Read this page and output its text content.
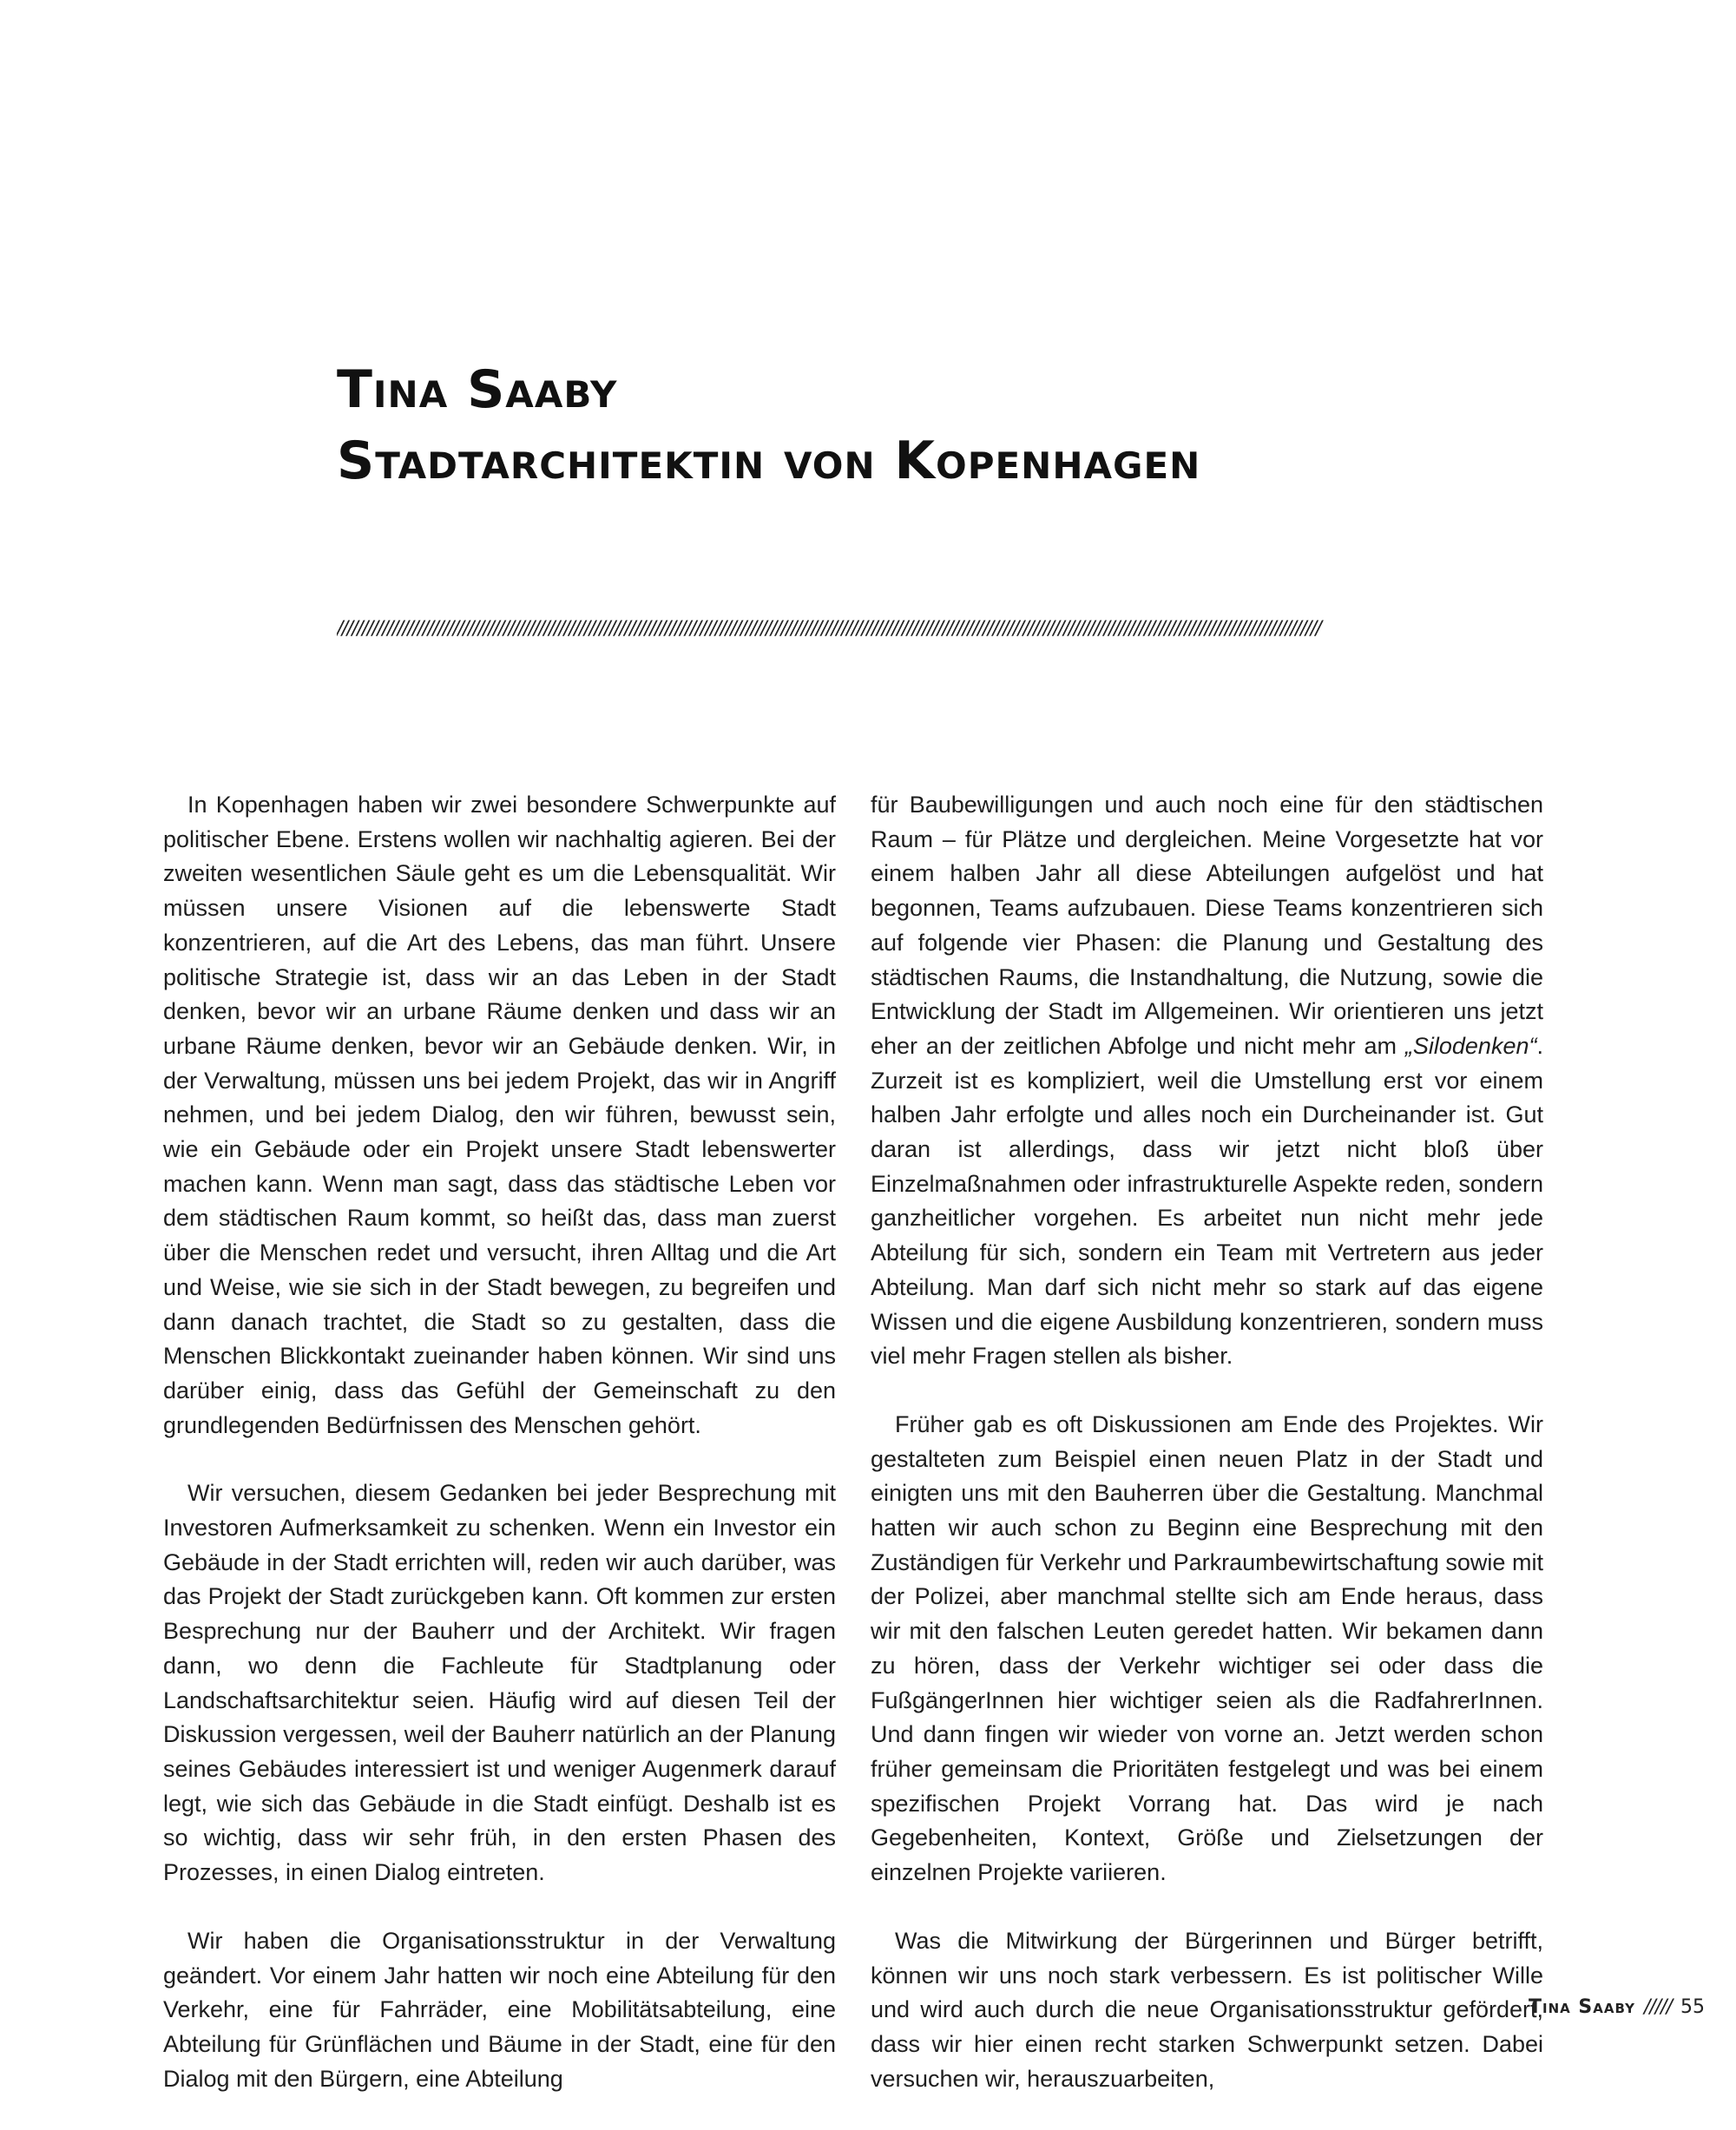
Tina Saaby
Stadtarchitektin von Kopenhagen
///////////////////////////////////////////////////////////////////////////////////////////////////////////////////////////////////////////////////////////////////////////////////////////////////

In Kopenhagen haben wir zwei besondere Schwerpunkte auf politischer Ebene. Erstens wollen wir nachhaltig agieren. Bei der zweiten wesentlichen Säule geht es um die Lebensqualität. Wir müssen unsere Visionen auf die lebenswerte Stadt konzentrieren, auf die Art des Lebens, das man führt. Unsere politische Strategie ist, dass wir an das Leben in der Stadt denken, bevor wir an urbane Räume denken und dass wir an urbane Räume denken, bevor wir an Gebäude denken. Wir, in der Verwaltung, müssen uns bei jedem Projekt, das wir in Angriff nehmen, und bei jedem Dialog, den wir führen, bewusst sein, wie ein Gebäude oder ein Projekt unsere Stadt lebenswerter machen kann. Wenn man sagt, dass das städtische Leben vor dem städtischen Raum kommt, so heißt das, dass man zuerst über die Menschen redet und versucht, ihren Alltag und die Art und Weise, wie sie sich in der Stadt bewegen, zu begreifen und dann danach trachtet, die Stadt so zu gestalten, dass die Menschen Blickkontakt zueinander haben können. Wir sind uns darüber einig, dass das Gefühl der Gemeinschaft zu den grundlegenden Bedürfnissen des Menschen gehört.

Wir versuchen, diesem Gedanken bei jeder Besprechung mit Investoren Aufmerksamkeit zu schenken. Wenn ein Investor ein Gebäude in der Stadt errichten will, reden wir auch darüber, was das Projekt der Stadt zurückgeben kann. Oft kommen zur ersten Besprechung nur der Bauherr und der Architekt. Wir fragen dann, wo denn die Fachleute für Stadtplanung oder Landschaftsarchitektur seien. Häufig wird auf diesen Teil der Diskussion vergessen, weil der Bauherr natürlich an der Planung seines Gebäudes interessiert ist und weniger Augenmerk darauf legt, wie sich das Gebäude in die Stadt einfügt. Deshalb ist es so wichtig, dass wir sehr früh, in den ersten Phasen des Prozesses, in einen Dialog eintreten.

Wir haben die Organisationsstruktur in der Verwaltung geändert. Vor einem Jahr hatten wir noch eine Abteilung für den Verkehr, eine für Fahrräder, eine Mobilitätsabteilung, eine Abteilung für Grünflächen und Bäume in der Stadt, eine für den Dialog mit den Bürgern, eine Abteilung

für Baubewilligungen und auch noch eine für den städtischen Raum – für Plätze und dergleichen. Meine Vorgesetzte hat vor einem halben Jahr all diese Abteilungen aufgelöst und hat begonnen, Teams aufzubauen. Diese Teams konzentrieren sich auf folgende vier Phasen: die Planung und Gestaltung des städtischen Raums, die Instandhaltung, die Nutzung, sowie die Entwicklung der Stadt im Allgemeinen. Wir orientieren uns jetzt eher an der zeitlichen Abfolge und nicht mehr am „Silodenken“. Zurzeit ist es kompliziert, weil die Umstellung erst vor einem halben Jahr erfolgte und alles noch ein Durcheinander ist. Gut daran ist allerdings, dass wir jetzt nicht bloß über Einzelmaßnahmen oder infrastrukturelle Aspekte reden, sondern ganzheitlicher vorgehen. Es arbeitet nun nicht mehr jede Abteilung für sich, sondern ein Team mit Vertretern aus jeder Abteilung. Man darf sich nicht mehr so stark auf das eigene Wissen und die eigene Ausbildung konzentrieren, sondern muss viel mehr Fragen stellen als bisher.

Früher gab es oft Diskussionen am Ende des Projektes. Wir gestalteten zum Beispiel einen neuen Platz in der Stadt und einigten uns mit den Bauherren über die Gestaltung. Manchmal hatten wir auch schon zu Beginn eine Besprechung mit den Zuständigen für Verkehr und Parkraumbewirtschaftung sowie mit der Polizei, aber manchmal stellte sich am Ende heraus, dass wir mit den falschen Leuten geredet hatten. Wir bekamen dann zu hören, dass der Verkehr wichtiger sei oder dass die FußgängerInnen hier wichtiger seien als die RadfahrerInnen. Und dann fingen wir wieder von vorne an. Jetzt werden schon früher gemeinsam die Prioritäten festgelegt und was bei einem spezifischen Projekt Vorrang hat. Das wird je nach Gegebenheiten, Kontext, Größe und Zielsetzungen der einzelnen Projekte variieren.

Was die Mitwirkung der Bürgerinnen und Bürger betrifft, können wir uns noch stark verbessern. Es ist politischer Wille und wird auch durch die neue Organisationsstruktur gefördert, dass wir hier einen recht starken Schwerpunkt setzen. Dabei versuchen wir, herauszuarbeiten,

Tina Saaby ///// 55
